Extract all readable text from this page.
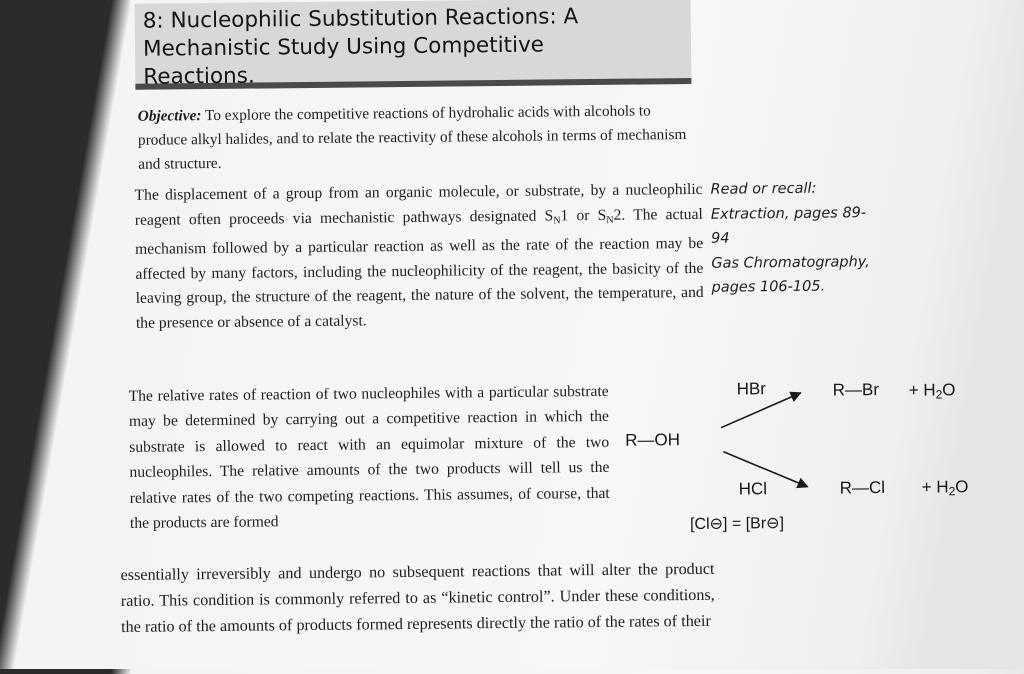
8: Nucleophilic Substitution Reactions: A
Mechanistic Study Using Competitive
Reactions.
Objective: To explore the competitive reactions of hydrohalic acids with alcohols to produce alkyl halides, and to relate the reactivity of these alcohols in terms of mechanism and structure.
The displacement of a group from an organic molecule, or substrate, by a nucleophilic reagent often proceeds via mechanistic pathways designated $S_N1$ or $S_N2$. The actual mechanism followed by a particular reaction as well as the rate of the reaction may be affected by many factors, including the nucleophilicity of the reagent, the basicity of the leaving group, the structure of the reagent, the nature of the solvent, the temperature, and the presence or absence of a catalyst.
Read or recall:
Extraction, pages 89-
94
Gas Chromatography,
pages 106-105.
The relative rates of reaction of two nucleophiles with a particular substrate may be determined by carrying out a competitive reaction in which the substrate is allowed to react with an equimolar mixture of the two nucleophiles. The relative amounts of the two products will tell us the relative rates of the two competing reactions. This assumes, of course, that the products are formed
essentially irreversibly and undergo no subsequent reactions that will alter the product ratio. This condition is commonly referred to as “kinetic control”. Under these conditions, the ratio of the amounts of products formed represents directly the ratio of the rates of their
HBr	R—Br + $H_2O$
R—OH
HCl	R—Cl + $H_2O$
[Cl⊖] = [Br⊖]
